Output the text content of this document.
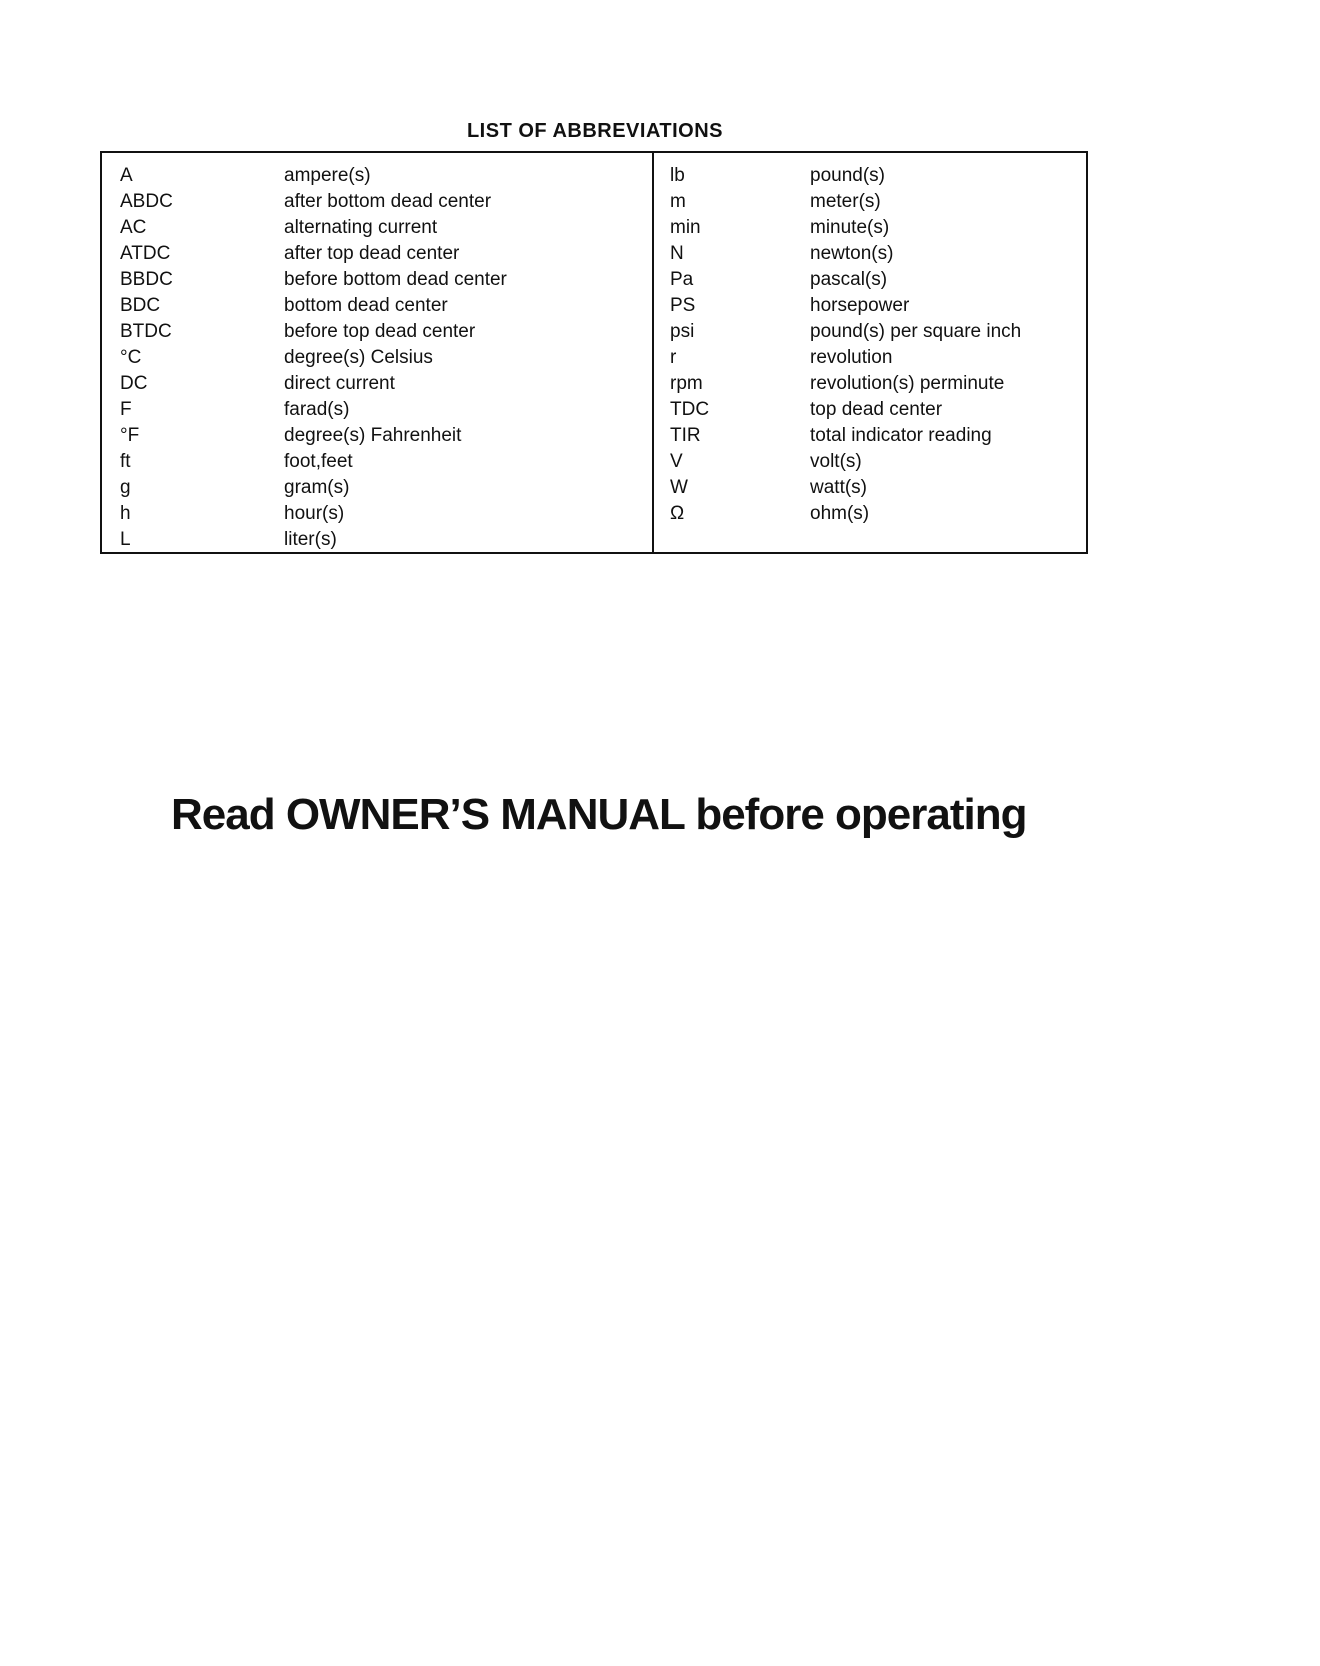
LIST OF ABBREVIATIONS
A	ampere(s)
ABDC	after bottom dead center
AC	alternating current
ATDC	after top dead center
BBDC	before bottom dead center
BDC	bottom dead center
BTDC	before top dead center
°C	degree(s) Celsius
DC	direct current
F	farad(s)
°F	degree(s) Fahrenheit
ft	foot,feet
g	gram(s)
h	hour(s)
L	liter(s)
lb	pound(s)
m	meter(s)
min	minute(s)
N	newton(s)
Pa	pascal(s)
PS	horsepower
psi	pound(s) per square inch
r	revolution
rpm	revolution(s) perminute
TDC	top dead center
TIR	total indicator reading
V	volt(s)
W	watt(s)
Ω	ohm(s)
Read OWNER’S MANUAL before operating
